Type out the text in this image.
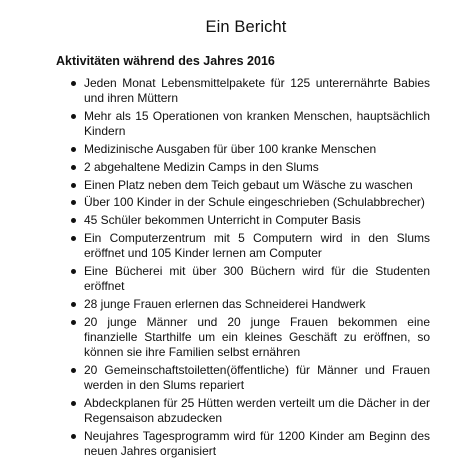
Ein Bericht
Aktivitäten während des Jahres 2016
Jeden Monat Lebensmittelpakete für 125 unterernährte Babies und ihren Müttern
Mehr als 15 Operationen von kranken Menschen, hauptsächlich Kindern
Medizinische Ausgaben für über 100 kranke Menschen
2 abgehaltene Medizin Camps in den Slums
Einen Platz neben dem Teich gebaut um Wäsche zu waschen
Über 100 Kinder in der Schule eingeschrieben (Schulabbrecher)
45 Schüler bekommen Unterricht in Computer Basis
Ein Computerzentrum mit 5 Computern wird in den Slums eröffnet und 105 Kinder lernen am Computer
Eine Bücherei mit über 300 Büchern wird für die Studenten eröffnet
28 junge Frauen erlernen das Schneiderei Handwerk
20 junge Männer und 20 junge Frauen bekommen eine finanzielle Starthilfe um ein kleines Geschäft zu eröffnen, so können sie ihre Familien selbst ernähren
20 Gemeinschaftstoiletten(öffentliche) für Männer und Frauen werden in den Slums repariert
Abdeckplanen für 25 Hütten werden verteilt um die Dächer in der Regensaison abzudecken
Neujahres Tagesprogramm wird für 1200 Kinder am Beginn des neuen Jahres organisiert
